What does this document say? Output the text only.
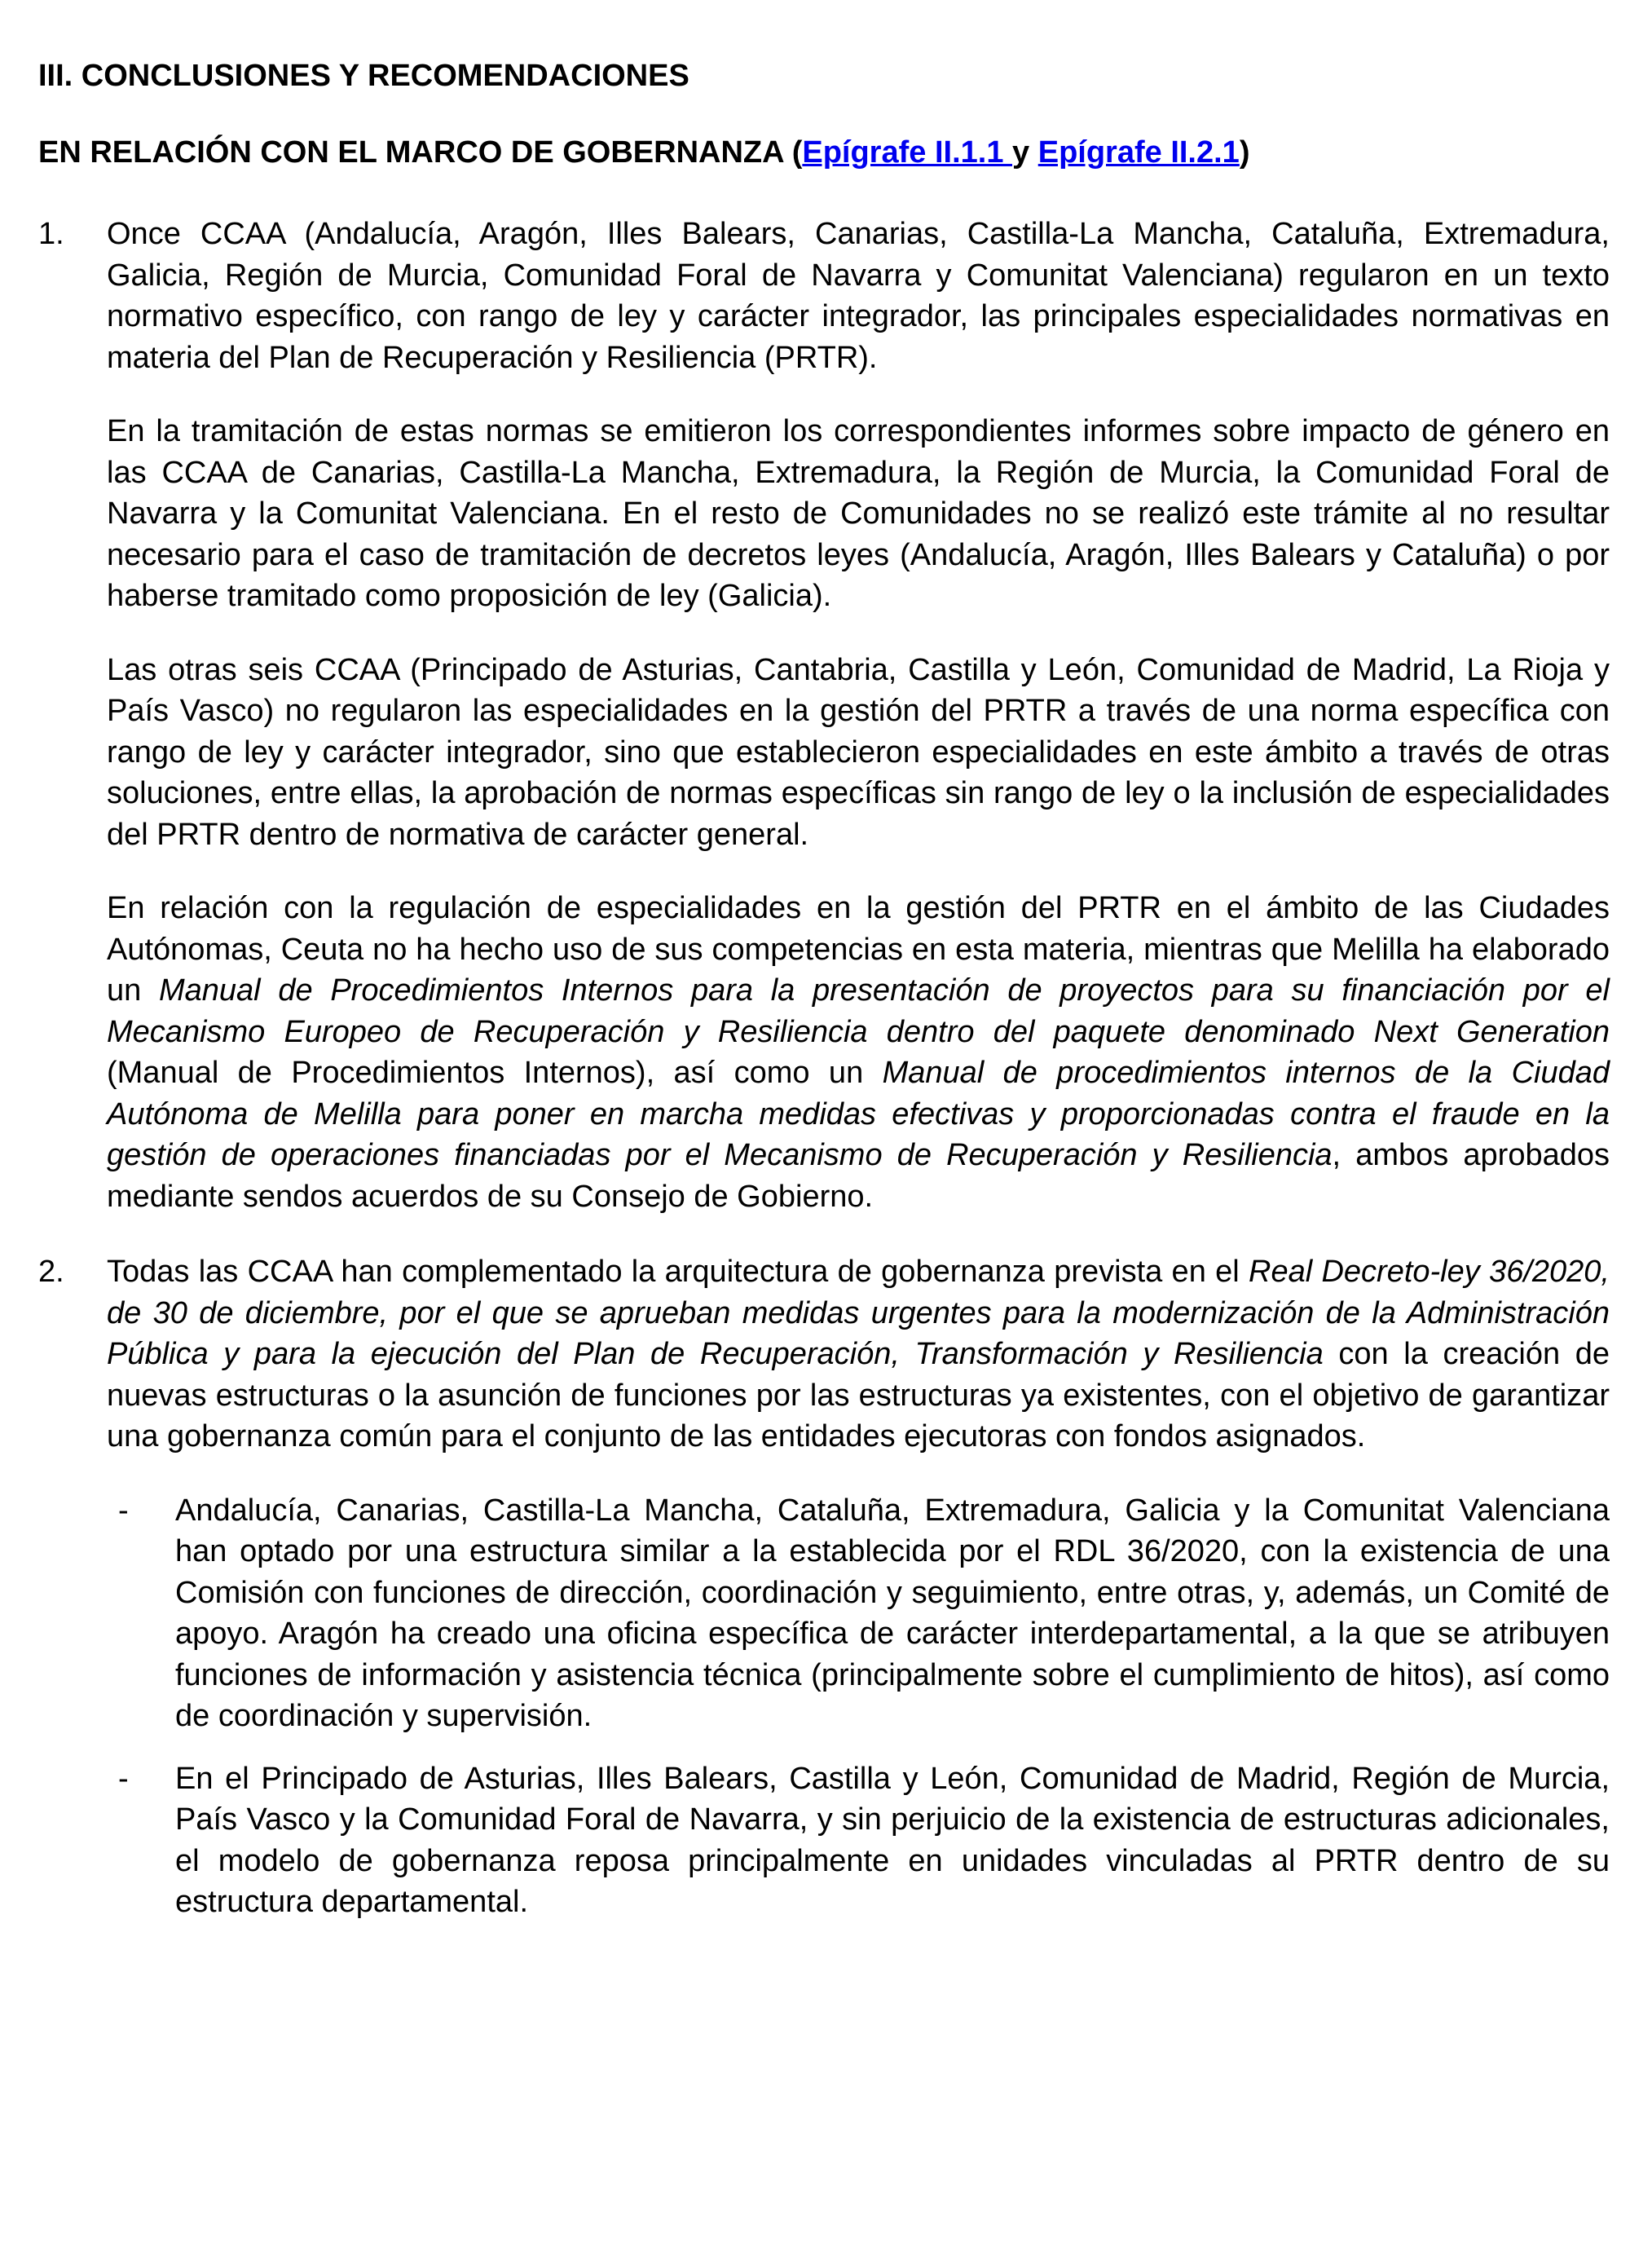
III. CONCLUSIONES Y RECOMENDACIONES
EN RELACIÓN CON EL MARCO DE GOBERNANZA (Epígrafe II.1.1 y Epígrafe II.2.1)
1. Once CCAA (Andalucía, Aragón, Illes Balears, Canarias, Castilla-La Mancha, Cataluña, Extremadura, Galicia, Región de Murcia, Comunidad Foral de Navarra y Comunitat Valenciana) regularon en un texto normativo específico, con rango de ley y carácter integrador, las principales especialidades normativas en materia del Plan de Recuperación y Resiliencia (PRTR).

En la tramitación de estas normas se emitieron los correspondientes informes sobre impacto de género en las CCAA de Canarias, Castilla-La Mancha, Extremadura, la Región de Murcia, la Comunidad Foral de Navarra y la Comunitat Valenciana. En el resto de Comunidades no se realizó este trámite al no resultar necesario para el caso de tramitación de decretos leyes (Andalucía, Aragón, Illes Balears y Cataluña) o por haberse tramitado como proposición de ley (Galicia).

Las otras seis CCAA (Principado de Asturias, Cantabria, Castilla y León, Comunidad de Madrid, La Rioja y País Vasco) no regularon las especialidades en la gestión del PRTR a través de una norma específica con rango de ley y carácter integrador, sino que establecieron especialidades en este ámbito a través de otras soluciones, entre ellas, la aprobación de normas específicas sin rango de ley o la inclusión de especialidades del PRTR dentro de normativa de carácter general.

En relación con la regulación de especialidades en la gestión del PRTR en el ámbito de las Ciudades Autónomas, Ceuta no ha hecho uso de sus competencias en esta materia, mientras que Melilla ha elaborado un Manual de Procedimientos Internos para la presentación de proyectos para su financiación por el Mecanismo Europeo de Recuperación y Resiliencia dentro del paquete denominado Next Generation (Manual de Procedimientos Internos), así como un Manual de procedimientos internos de la Ciudad Autónoma de Melilla para poner en marcha medidas efectivas y proporcionadas contra el fraude en la gestión de operaciones financiadas por el Mecanismo de Recuperación y Resiliencia, ambos aprobados mediante sendos acuerdos de su Consejo de Gobierno.

2. Todas las CCAA han complementado la arquitectura de gobernanza prevista en el Real Decreto-ley 36/2020, de 30 de diciembre, por el que se aprueban medidas urgentes para la modernización de la Administración Pública y para la ejecución del Plan de Recuperación, Transformación y Resiliencia con la creación de nuevas estructuras o la asunción de funciones por las estructuras ya existentes, con el objetivo de garantizar una gobernanza común para el conjunto de las entidades ejecutoras con fondos asignados.

- Andalucía, Canarias, Castilla-La Mancha, Cataluña, Extremadura, Galicia y la Comunitat Valenciana han optado por una estructura similar a la establecida por el RDL 36/2020, con la existencia de una Comisión con funciones de dirección, coordinación y seguimiento, entre otras, y, además, un Comité de apoyo. Aragón ha creado una oficina específica de carácter interdepartamental, a la que se atribuyen funciones de información y asistencia técnica (principalmente sobre el cumplimiento de hitos), así como de coordinación y supervisión.

- En el Principado de Asturias, Illes Balears, Castilla y León, Comunidad de Madrid, Región de Murcia, País Vasco y la Comunidad Foral de Navarra, y sin perjuicio de la existencia de estructuras adicionales, el modelo de gobernanza reposa principalmente en unidades vinculadas al PRTR dentro de su estructura departamental.
